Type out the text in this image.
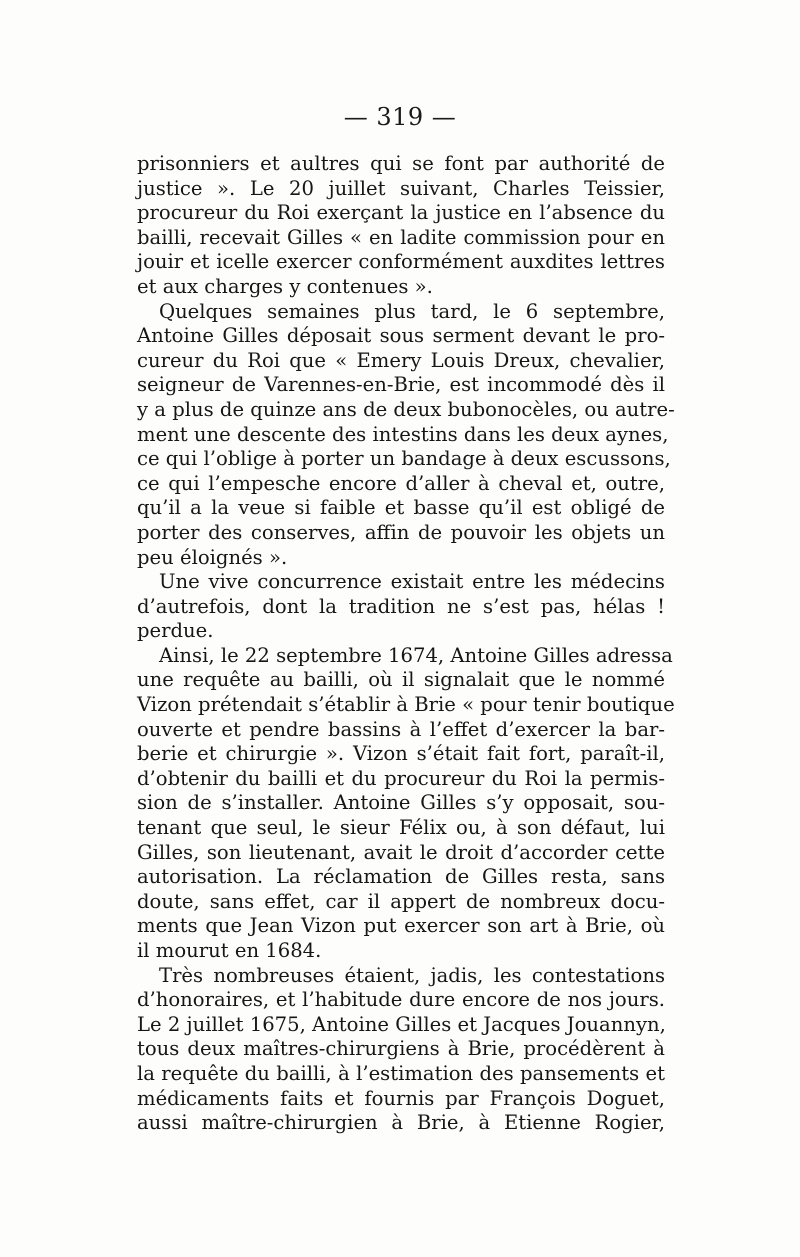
— 319 —
prisonniers et aultres qui se font par authorité de
justice ». Le 20 juillet suivant, Charles Teissier,
procureur du Roi exerçant la justice en l’absence du
bailli, recevait Gilles « en ladite commission pour en
jouir et icelle exercer conformément auxdites lettres
et aux charges y contenues ».
Quelques semaines plus tard, le 6 septembre,
Antoine Gilles déposait sous serment devant le pro-
cureur du Roi que « Emery Louis Dreux, chevalier,
seigneur de Varennes-en-Brie, est incommodé dès il
y a plus de quinze ans de deux bubonocèles, ou autre-
ment une descente des intestins dans les deux aynes,
ce qui l’oblige à porter un bandage à deux escussons,
ce qui l’empesche encore d’aller à cheval et, outre,
qu’il a la veue si faible et basse qu’il est obligé de
porter des conserves, affin de pouvoir les objets un
peu éloignés ».
Une vive concurrence existait entre les médecins
d’autrefois, dont la tradition ne s’est pas, hélas !
perdue.
Ainsi, le 22 septembre 1674, Antoine Gilles adressa
une requête au bailli, où il signalait que le nommé
Vizon prétendait s’établir à Brie « pour tenir boutique
ouverte et pendre bassins à l’effet d’exercer la bar-
berie et chirurgie ». Vizon s’était fait fort, paraît-il,
d’obtenir du bailli et du procureur du Roi la permis-
sion de s’installer. Antoine Gilles s’y opposait, sou-
tenant que seul, le sieur Félix ou, à son défaut, lui
Gilles, son lieutenant, avait le droit d’accorder cette
autorisation. La réclamation de Gilles resta, sans
doute, sans effet, car il appert de nombreux docu-
ments que Jean Vizon put exercer son art à Brie, où
il mourut en 1684.
Très nombreuses étaient, jadis, les contestations
d’honoraires, et l’habitude dure encore de nos jours.
Le 2 juillet 1675, Antoine Gilles et Jacques Jouannyn,
tous deux maîtres-chirurgiens à Brie, procédèrent à
la requête du bailli, à l’estimation des pansements et
médicaments faits et fournis par François Doguet,
aussi maître-chirurgien à Brie, à Etienne Rogier,
